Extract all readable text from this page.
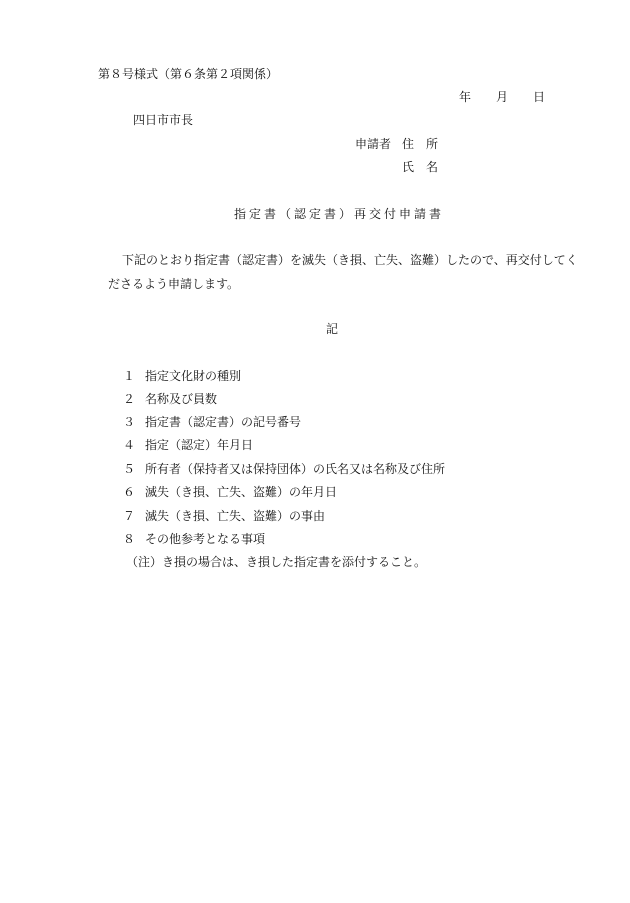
第８号様式（第６条第２項関係）
年 月 日
四日市市長
申請者 住　所
氏　名
指定書（認定書）再交付申請書
下記のとおり指定書（認定書）を滅失（き損、亡失、盗難）したので、再交付してく
ださるよう申請します。
記
１ 指定文化財の種別
２ 名称及び員数
３ 指定書（認定書）の記号番号
４ 指定（認定）年月日
５ 所有者（保持者又は保持団体）の氏名又は名称及び住所
６ 滅失（き損、亡失、盗難）の年月日
７ 滅失（き損、亡失、盗難）の事由
８ その他参考となる事項
（注）き損の場合は、き損した指定書を添付すること。
